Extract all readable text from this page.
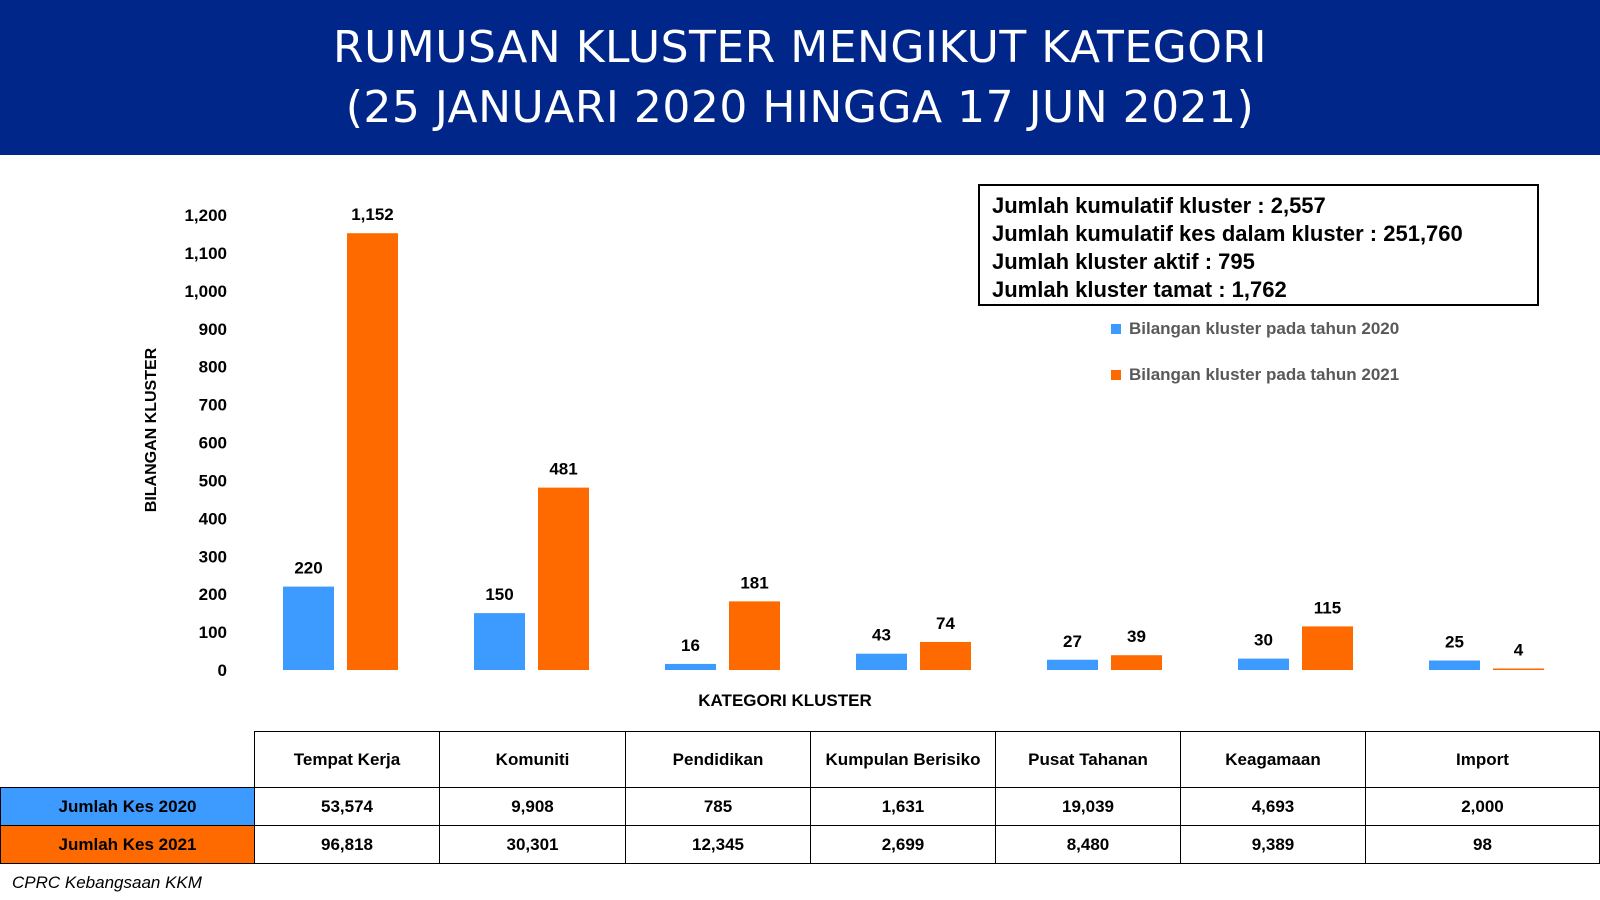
RUMUSAN KLUSTER MENGIKUT KATEGORI
(25 JANUARI 2020 HINGGA 17 JUN 2021)
0
100
200
300
400
500
600
700
800
900
1,000
1,100
1,200
220
1,152
150
481
16
181
43
74
27	39	30
115
25	4
BILANGAN KLUSTER
KATEGORI KLUSTER
Jumlah kumulatif kluster : 2,557
Jumlah kumulatif kes dalam kluster : 251,760
Jumlah kluster aktif : 795
Jumlah kluster tamat : 1,762
Bilangan kluster pada tahun 2020
Bilangan kluster pada tahun 2021
	Tempat Kerja	Komuniti	Pendidikan	Kumpulan Berisiko	Pusat Tahanan	Keagamaan	Import
Jumlah Kes 2020	53,574	9,908	785	1,631	19,039	4,693	2,000
Jumlah Kes 2021	96,818	30,301	12,345	2,699	8,480	9,389	98
CPRC Kebangsaan KKM
